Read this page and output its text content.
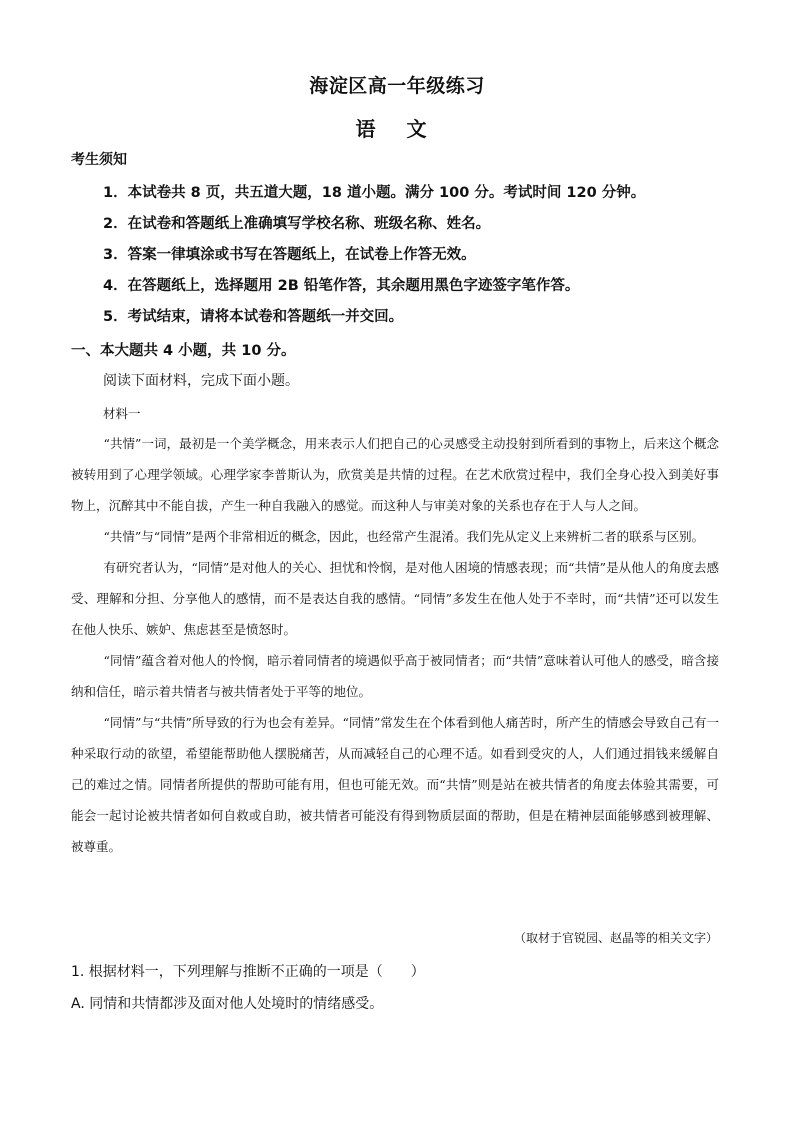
海淀区高一年级练习
语 文
考生须知
1．本试卷共 8 页，共五道大题，18 道小题。满分 100 分。考试时间 120 分钟。
2．在试卷和答题纸上准确填写学校名称、班级名称、姓名。
3．答案一律填涂或书写在答题纸上，在试卷上作答无效。
4．在答题纸上，选择题用 2B 铅笔作答，其余题用黑色字迹签字笔作答。
5．考试结束，请将本试卷和答题纸一并交回。
一、本大题共 4 小题，共 10 分。
阅读下面材料，完成下面小题。
材料一

“共情”一词，最初是一个美学概念，用来表示人们把自己的心灵感受主动投射到所看到的事物上，后来这个概念被转用到了心理学领域。心理学家李普斯认为，欣赏美是共情的过程。在艺术欣赏过程中，我们全身心投入到美好事物上，沉醉其中不能自拔，产生一种自我融入的感觉。而这种人与审美对象的关系也存在于人与人之间。

“共情”与“同情”是两个非常相近的概念，因此，也经常产生混淆。我们先从定义上来辨析二者的联系与区别。

有研究者认为，“同情”是对他人的关心、担忧和怜悯，是对他人困境的情感表现；而“共情”是从他人的角度去感受、理解和分担、分享他人的感情，而不是表达自我的感情。“同情”多发生在他人处于不幸时，而“共情”还可以发生在他人快乐、嫉妒、焦虑甚至是愤怒时。

“同情”蕴含着对他人的怜悯，暗示着同情者的境遇似乎高于被同情者；而“共情”意味着认可他人的感受，暗含接纳和信任，暗示着共情者与被共情者处于平等的地位。

“同情”与“共情”所导致的行为也会有差异。“同情”常发生在个体看到他人痛苦时，所产生的情感会导致自己有一种采取行动的欲望，希望能帮助他人摆脱痛苦，从而减轻自己的心理不适。如看到受灾的人，人们通过捐钱来缓解自己的难过之情。同情者所提供的帮助可能有用，但也可能无效。而“共情”则是站在被共情者的角度去体验其需要，可能会一起讨论被共情者如何自救或自助，被共情者可能没有得到物质层面的帮助，但是在精神层面能够感到被理解、被尊重。

（取材于官锐园、赵晶等的相关文字）
1. 根据材料一，下列理解与推断不正确的一项是（　　）
A. 同情和共情都涉及面对他人处境时的情绪感受。
